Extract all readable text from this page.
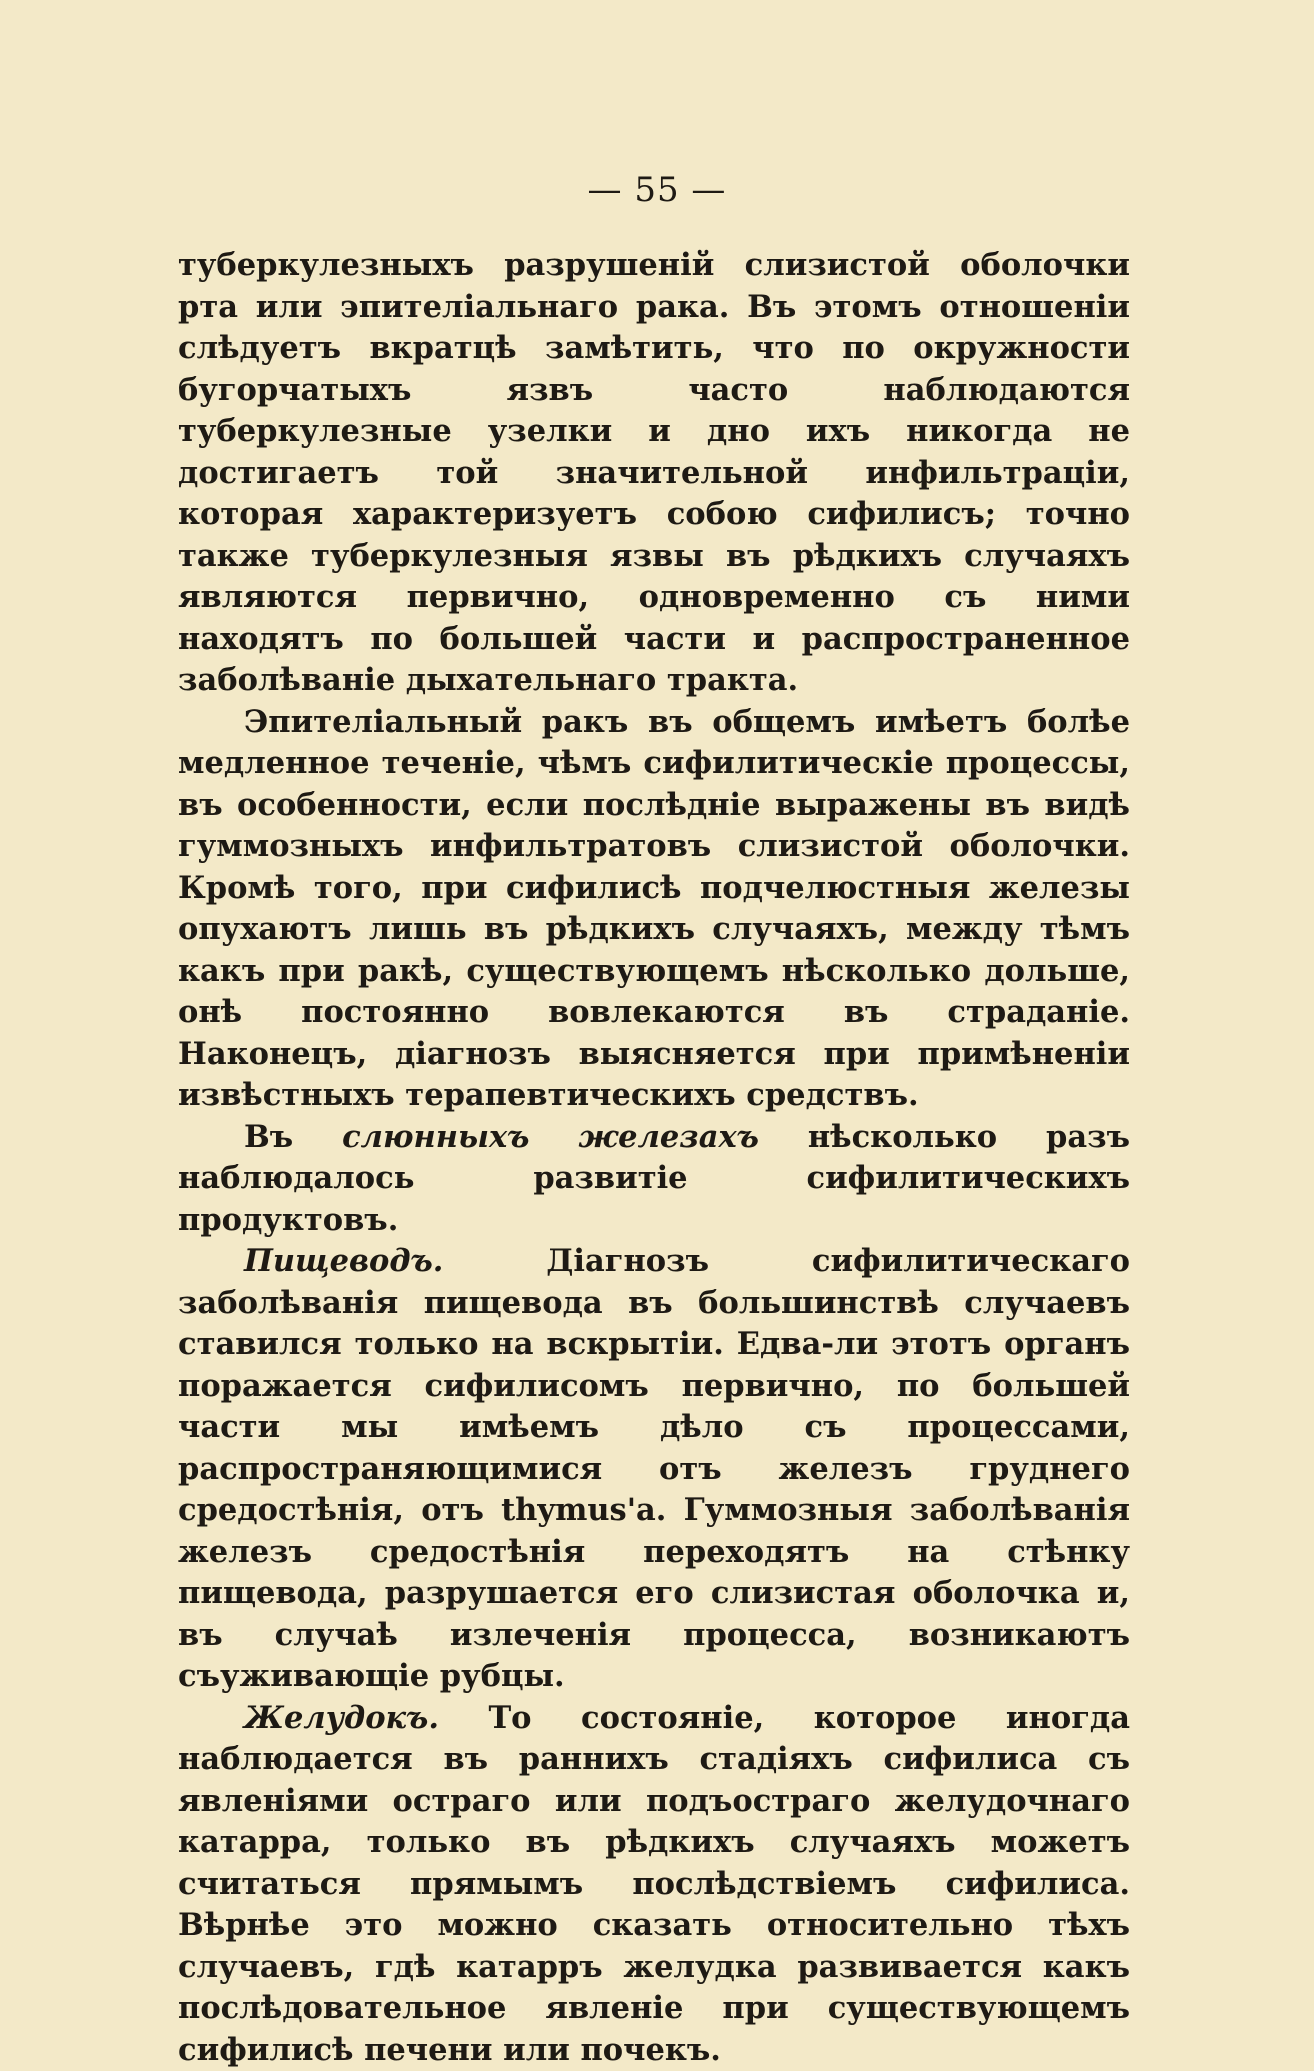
— 55 —

туберкулезныхъ разрушеній слизистой оболочки рта или эпителіальнаго рака. Въ этомъ отношеніи слѣдуетъ вкратцѣ замѣтить, что по окружности бугорчатыхъ язвъ часто наблюдаются туберкулезные узелки и дно ихъ никогда не достигаетъ той значительной инфильтраціи, которая характеризуетъ собою сифилисъ; точно также туберкулезныя язвы въ рѣдкихъ случаяхъ являются первично, одновременно съ ними находятъ по большей части и распространенное заболѣваніе дыхательнаго тракта.

Эпителіальный ракъ въ общемъ имѣетъ болѣе медленное теченіе, чѣмъ сифилитическіе процессы, въ особенности, если послѣдніе выражены въ видѣ гуммозныхъ инфильтратовъ слизистой оболочки. Кромѣ того, при сифилисѣ подчелюстныя железы опухаютъ лишь въ рѣдкихъ случаяхъ, между тѣмъ какъ при ракѣ, существующемъ нѣсколько дольше, онѣ постоянно вовлекаются въ страданіе. Наконецъ, діагнозъ выясняется при примѣненіи извѣстныхъ терапевтическихъ средствъ.

Въ слюнныхъ железахъ нѣсколько разъ наблюдалось развитіе сифилитическихъ продуктовъ.

Пищеводъ. Діагнозъ сифилитическаго заболѣванія пищевода въ большинствѣ случаевъ ставился только на вскрытіи. Едва-ли этотъ органъ поражается сифилисомъ первично, по большей части мы имѣемъ дѣло съ процессами, распространяющимися отъ железъ груднего средостѣнія, отъ thymus'а. Гуммозныя заболѣванія железъ средостѣнія переходятъ на стѣнку пищевода, разрушается его слизистая оболочка и, въ случаѣ излеченія процесса, возникаютъ съуживающіе рубцы.

Желудокъ. То состояніе, которое иногда наблюдается въ раннихъ стадіяхъ сифилиса съ явленіями остраго или подъостраго желудочнаго катарра, только въ рѣдкихъ случаяхъ можетъ считаться прямымъ послѣдствіемъ сифилиса. Вѣрнѣе это можно сказать относительно тѣхъ случаевъ, гдѣ катарръ желудка развивается какъ послѣдовательное явленіе при существующемъ сифилисѣ печени или почекъ.
